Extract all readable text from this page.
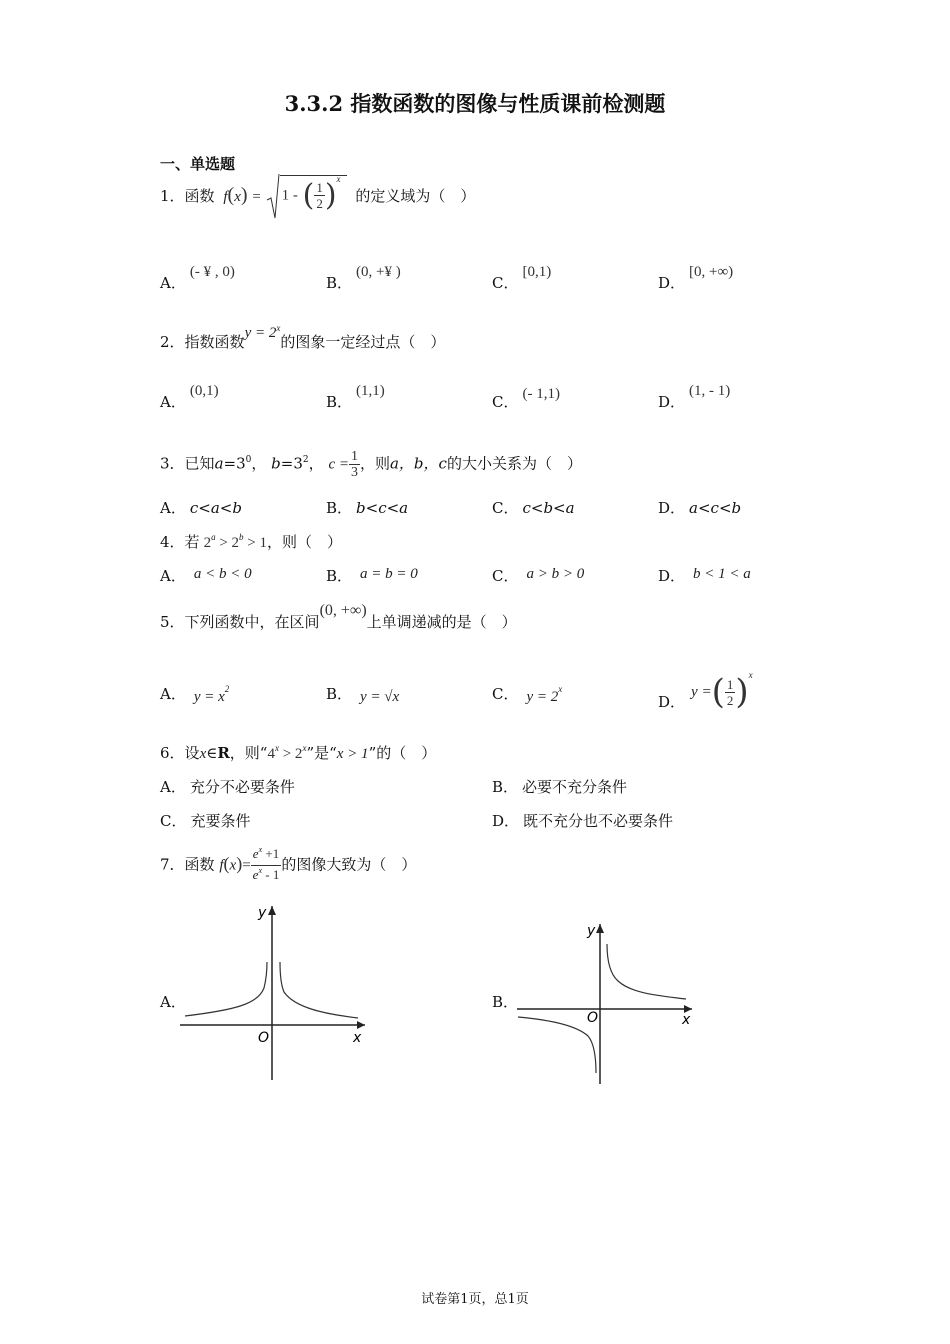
3.3.2 指数函数的图像与性质课前检测题
一、单选题
1．函数 f(x) = 1 - ( $\frac{1}{2} )^x$ 的定义域为（　）
A．(- ¥ , 0)
B．(0, +¥ )
C．[0,1)
D．[0, +∞)
2．指数函数$y = 2^x$的图象一定经过点（　）
A．(0,1)
B．(1,1)
C． (- 1,1)	D．(1, - 1)
3．已知$a=3^0$， $b=3^2$， $c = \frac{1}{3}$ ，则a，b，c的大小关系为（　）
A． c<a<b	B． b<c<a	C． c<b<a	D． a<c<b
4．若 $2^a > 2^b > 1$，则（　）
A． a < b < 0	B． a = b = 0	C． a > b > 0	D． b < 1 < a
5．下列函数中，在区间(0, +∞)上单调递减的是（　）
A． $y = x^2$	B． y = √x	C． $y = 2^x$
D．y =( $\frac{1}{2} )^x$
6．设x∈R，则“$4^x > 2^x$”是“x > 1”的（　）
A． 充分不必要条件	B． 必要不充分条件
C． 充要条件	D． 既不充分也不必要条件
7．函数 $f(x)= \frac{e^x +1}{e^x - 1}$ 的图像大致为（　）
A．
y
x
O
B．
y
x
O
试卷第1页，总1页
